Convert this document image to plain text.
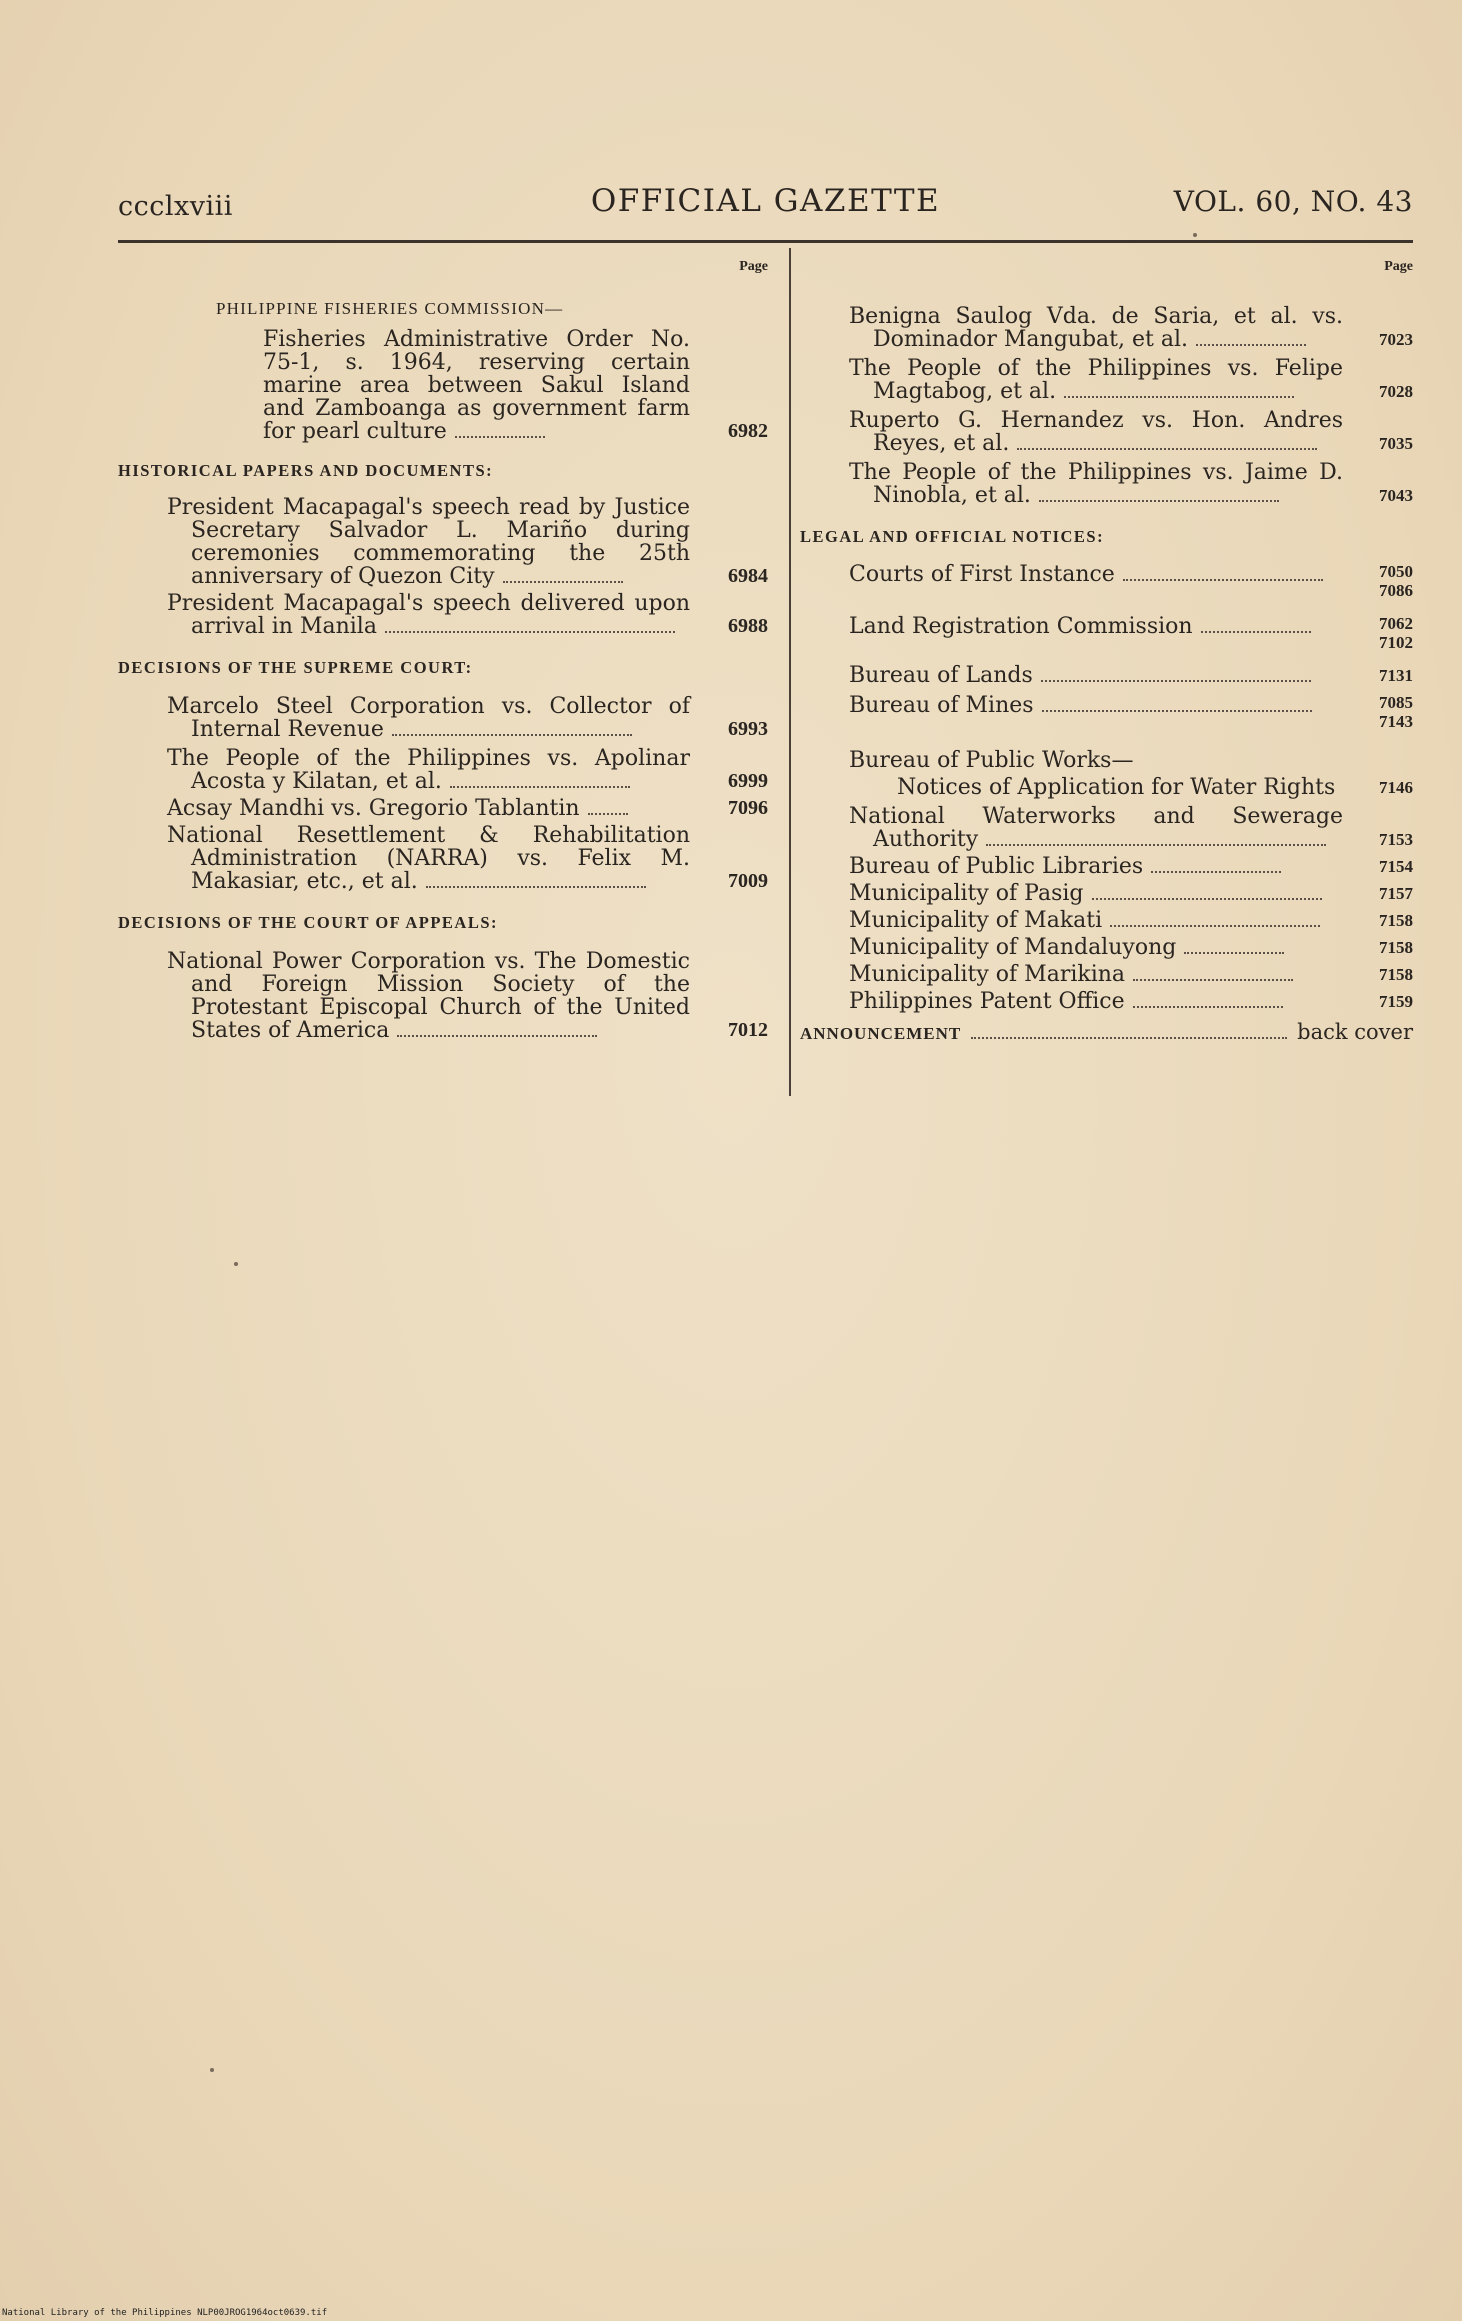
ccclxviii	OFFICIAL GAZETTE	VOL. 60, NO. 43
Page
PHILIPPINE FISHERIES COMMISSION—
Fisheries Administrative Order No. 75-1, s. 1964, reserving certain marine area between Sakul Island and Zamboanga as government farm for pearl culture	6982
HISTORICAL PAPERS AND DOCUMENTS:
President Macapagal's speech read by Justice Secretary Salvador L. Mariño during ceremonies commemorating the 25th anniversary of Quezon City	6984
President Macapagal's speech delivered upon arrival in Manila	6988
DECISIONS OF THE SUPREME COURT:
Marcelo Steel Corporation vs. Collector of Internal Revenue	6993
The People of the Philippines vs. Apolinar Acosta y Kilatan, et al.	6999
Acsay Mandhi vs. Gregorio Tablantin	7096
National Resettlement & Rehabilitation Administration (NARRA) vs. Felix M. Makasiar, etc., et al.	7009
DECISIONS OF THE COURT OF APPEALS:
National Power Corporation vs. The Domestic and Foreign Mission Society of the Protestant Episcopal Church of the United States of America	7012
Page
Benigna Saulog Vda. de Saria, et al. vs. Dominador Mangubat, et al.	7023
The People of the Philippines vs. Felipe Magtabog, et al.	7028
Ruperto G. Hernandez vs. Hon. Andres Reyes, et al.	7035
The People of the Philippines vs. Jaime D. Ninobla, et al.	7043
LEGAL AND OFFICIAL NOTICES:
Courts of First Instance	7050
7086
Land Registration Commission	7062
7102
Bureau of Lands	7131
Bureau of Mines	7085
7143
Bureau of Public Works—
Notices of Application for Water Rights	7146
National Waterworks and Sewerage Authority	7153
Bureau of Public Libraries	7154
Municipality of Pasig	7157
Municipality of Makati	7158
Municipality of Mandaluyong	7158
Municipality of Marikina	7158
Philippines Patent Office	7159
ANNOUNCEMENT	back cover
National Library of the Philippines NLP00JROG1964oct0639.tif
